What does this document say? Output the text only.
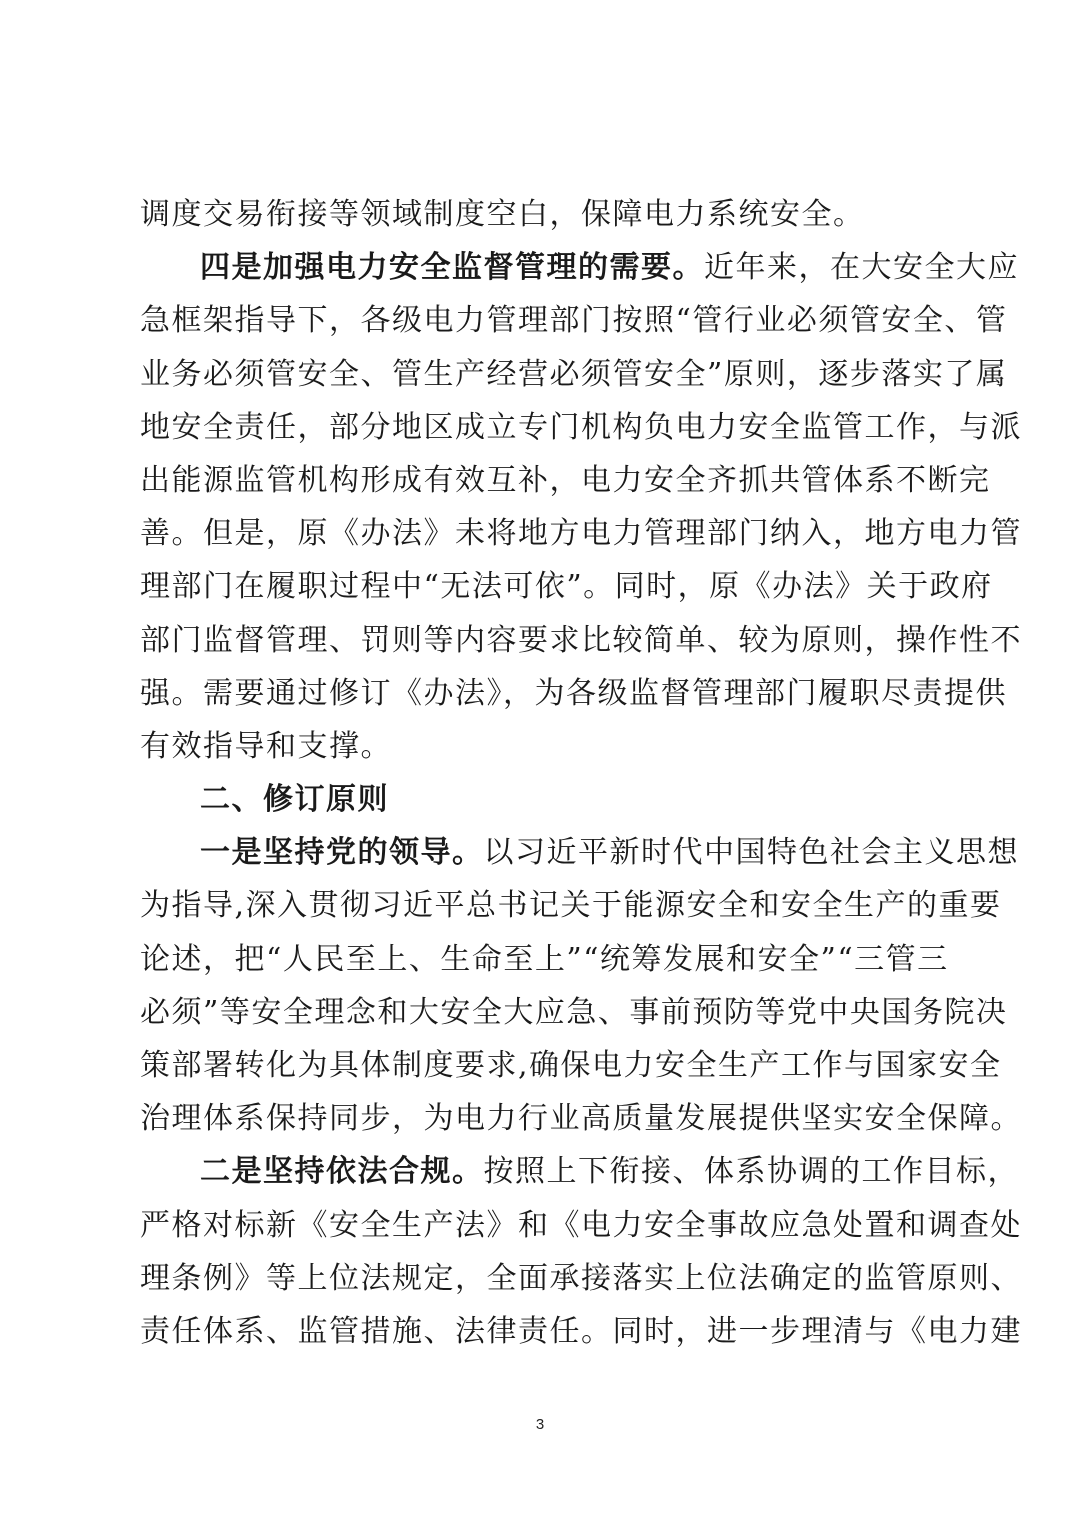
调度交易衔接等领域制度空白，保障电力系统安全。
四是加强电力安全监督管理的需要。近年来，在大安全大应
急框架指导下，各级电力管理部门按照“管行业必须管安全、管
业务必须管安全、管生产经营必须管安全”原则，逐步落实了属
地安全责任，部分地区成立专门机构负电力安全监管工作，与派
出能源监管机构形成有效互补，电力安全齐抓共管体系不断完
善。但是，原《办法》未将地方电力管理部门纳入，地方电力管
理部门在履职过程中“无法可依”。同时，原《办法》关于政府
部门监督管理、罚则等内容要求比较简单、较为原则，操作性不
强。需要通过修订《办法》，为各级监督管理部门履职尽责提供
有效指导和支撑。
二、修订原则
一是坚持党的领导。以习近平新时代中国特色社会主义思想
为指导,深入贯彻习近平总书记关于能源安全和安全生产的重要
论述，把“人民至上、生命至上”“统筹发展和安全”“三管三
必须”等安全理念和大安全大应急、事前预防等党中央国务院决
策部署转化为具体制度要求,确保电力安全生产工作与国家安全
治理体系保持同步，为电力行业高质量发展提供坚实安全保障。
二是坚持依法合规。按照上下衔接、体系协调的工作目标，
严格对标新《安全生产法》和《电力安全事故应急处置和调查处
理条例》等上位法规定，全面承接落实上位法确定的监管原则、
责任体系、监管措施、法律责任。同时，进一步理清与《电力建
3
